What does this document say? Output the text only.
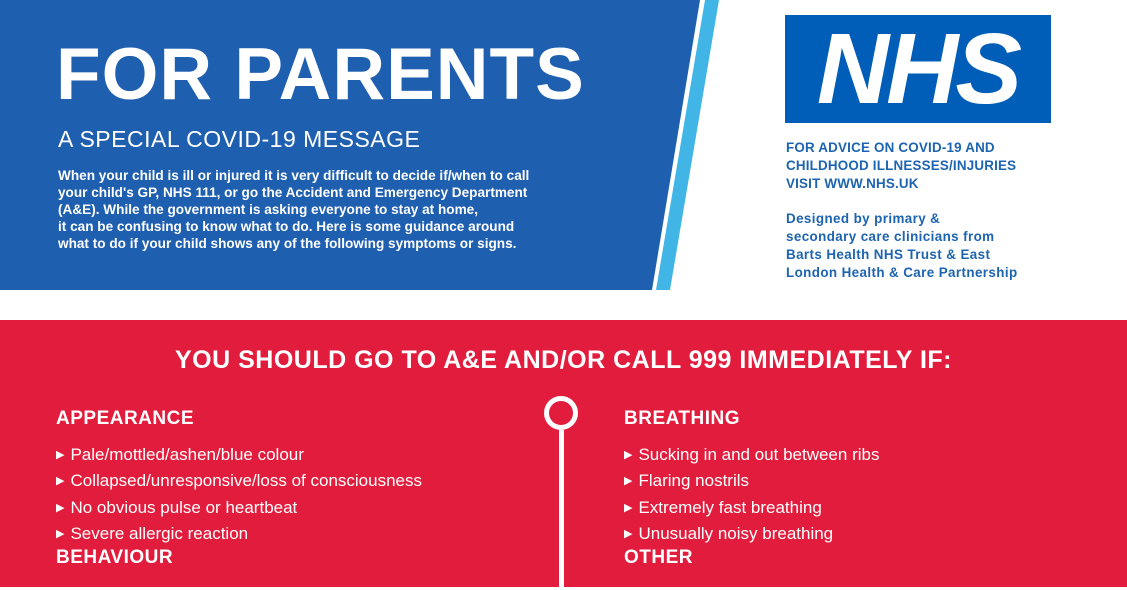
FOR PARENTS
A SPECIAL COVID-19 MESSAGE

When your child is ill or injured it is very difficult to decide if/when to call
your child's GP, NHS 111, or go the Accident and Emergency Department
(A&E). While the government is asking everyone to stay at home,
it can be confusing to know what to do. Here is some guidance around
what to do if your child shows any of the following symptoms or signs.

NHS

FOR ADVICE ON COVID-19 AND
CHILDHOOD ILLNESSES/INJURIES
VISIT WWW.NHS.UK

Designed by primary &
secondary care clinicians from
Barts Health NHS Trust & East
London Health & Care Partnership

YOU SHOULD GO TO A&E AND/OR CALL 999 IMMEDIATELY IF:
APPEARANCE
▶ Pale/mottled/ashen/blue colour
▶ Collapsed/unresponsive/loss of consciousness
▶ No obvious pulse or heartbeat
▶ Severe allergic reaction
BEHAVIOUR
BREATHING
▶ Sucking in and out between ribs
▶ Flaring nostrils
▶ Extremely fast breathing
▶ Unusually noisy breathing
OTHER
